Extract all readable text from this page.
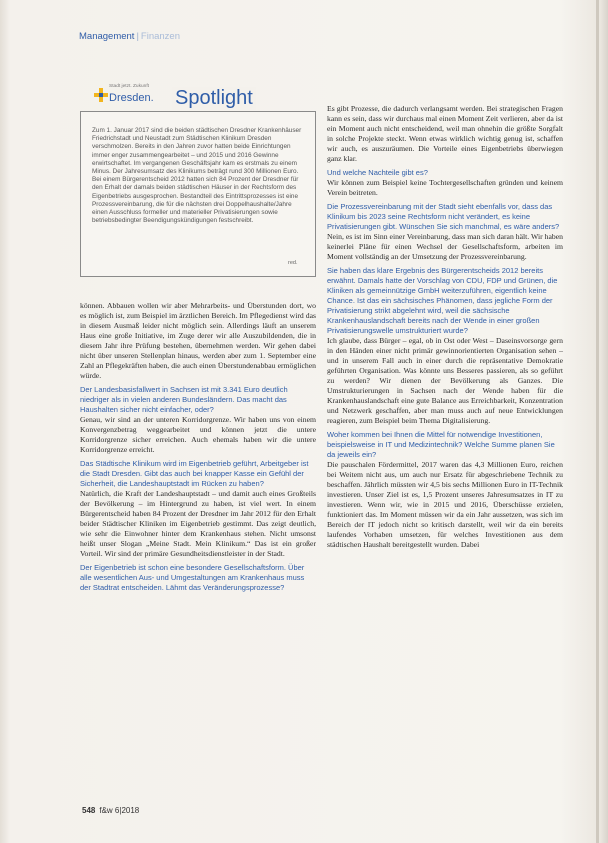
Management | Finanzen
Stadt jetzt. Zukunft
Dresden. Spotlight

Zum 1. Januar 2017 sind die beiden städtischen Dresdner Krankenhäuser Friedrichstadt und Neustadt zum Städtischen Klinikum Dresden verschmolzen. Bereits in den Jahren zuvor hatten beide Einrichtungen immer enger zusammengearbeitet – und 2015 und 2016 Gewinne erwirtschaftet. Im vergangenen Geschäftsjahr kam es erstmals zu einem Minus. Der Jahresumsatz des Klinikums beträgt rund 300 Millionen Euro. Bei einem Bürgerentscheid 2012 hatten sich 84 Prozent der Dresdner für den Erhalt der damals beiden städtischen Häuser in der Rechtsform des Eigenbetriebs ausgesprochen. Bestandteil des Eintrittsprozesses ist eine Prozessvereinbarung, die für die nächsten drei Doppelhaushalte/Jahre einen Ausschluss formeller und materieller Privatisierungen sowie betriebsbedingter Beendigungskündigungen festschreibt.

red.

können. Abbauen wollen wir aber Mehrarbeits- und Überstunden dort, wo es möglich ist, zum Beispiel im ärztlichen Bereich. Im Pflegedienst wird das in diesem Ausmaß leider nicht möglich sein. Allerdings läuft an unserem Haus eine große Initiative, im Zuge derer wir alle Auszubildenden, die in diesem Jahr ihre Prüfung bestehen, übernehmen werden. Wir gehen dabei nicht über unseren Stellenplan hinaus, werden aber zum 1. September eine Zahl an Pflegekräften haben, die auch einen Überstundenabbau ermöglichen würde.

Der Landesbasisfallwert in Sachsen ist mit 3.341 Euro deutlich niedriger als in vielen anderen Bundesländern. Das macht das Haushalten sicher nicht einfacher, oder?

Genau, wir sind an der unteren Korridorgrenze. Wir haben uns von einem Konvergenzbetrag weggearbeitet und können jetzt die untere Korridorgrenze sicher erreichen. Auch ehemals haben wir die untere Korridorgrenze erreicht.

Das Städtische Klinikum wird im Eigenbetrieb geführt, Arbeitgeber ist die Stadt Dresden. Gibt das auch bei knapper Kasse ein Gefühl der Sicherheit, die Landeshauptstadt im Rücken zu haben?

Natürlich, die Kraft der Landeshauptstadt – und damit auch eines Großteils der Bevölkerung – im Hintergrund zu haben, ist viel wert. In einem Bürgerentscheid haben 84 Prozent der Dresdner im Jahr 2012 für den Erhalt beider Städtischer Kliniken im Eigenbetrieb gestimmt. Das zeigt deutlich, wie sehr die Einwohner hinter dem Krankenhaus stehen. Nicht umsonst heißt unser Slogan „Meine Stadt. Mein Klinikum.“ Das ist ein großer Vorteil. Wir sind der primäre Gesundheitsdienstleister in der Stadt.

Der Eigenbetrieb ist schon eine besondere Gesellschaftsform. Über alle wesentlichen Aus- und Umgestaltungen am Krankenhaus muss der Stadtrat entscheiden. Lähmt das Veränderungsprozesse?

Es gibt Prozesse, die dadurch verlangsamt werden. Bei strategischen Fragen kann es sein, dass wir durchaus mal einen Moment Zeit verlieren, aber da ist ein Moment auch nicht entscheidend, weil man ohnehin die größte Sorgfalt in solche Projekte steckt. Wenn etwas wirklich wichtig genug ist, schaffen wir auch, es auszuräumen. Die Vorteile eines Eigenbetriebs überwiegen ganz klar.

Und welche Nachteile gibt es?

Wir können zum Beispiel keine Tochtergesellschaften gründen und keinem Verein beitreten.

Die Prozessvereinbarung mit der Stadt sieht ebenfalls vor, dass das Klinikum bis 2023 seine Rechtsform nicht verändert, es keine Privatisierungen gibt. Wünschen Sie sich manchmal, es wäre anders?

Nein, es ist im Sinn einer Vereinbarung, dass man sich daran hält. Wir haben keinerlei Pläne für einen Wechsel der Gesellschaftsform, arbeiten im Moment vollständig an der Umsetzung der Prozessvereinbarung.

Sie haben das klare Ergebnis des Bürgerentscheids 2012 bereits erwähnt. Damals hatte der Vorschlag von CDU, FDP und Grünen, die Kliniken als gemeinnützige GmbH weiterzuführen, eigentlich keine Chance. Ist das ein sächsisches Phänomen, dass jegliche Form der Privatisierung strikt abgelehnt wird, weil die sächsische Krankenhauslandschaft bereits nach der Wende in einer großen Privatisierungswelle umstrukturiert wurde?

Ich glaube, dass Bürger – egal, ob in Ost oder West – Daseinsvorsorge gern in den Händen einer nicht primär gewinnorientierten Organisation sehen – und in unserem Fall auch in einer durch die repräsentative Demokratie geführten Organisation. Was könnte uns Besseres passieren, als so geführt zu werden? Wir dienen der Bevölkerung als Ganzes. Die Umstrukturierungen in Sachsen nach der Wende haben für die Krankenhauslandschaft eine gute Balance aus Erreichbarkeit, Konzentration und Netzwerk geschaffen, aber man muss auch auf neue Entwicklungen reagieren, zum Beispiel beim Thema Digitalisierung.

Woher kommen bei Ihnen die Mittel für notwendige Investitionen, beispielsweise in IT und Medizintechnik? Welche Summe planen Sie da jeweils ein?

Die pauschalen Fördermittel, 2017 waren das 4,3 Millionen Euro, reichen bei Weitem nicht aus, um auch nur Ersatz für abgeschriebene Technik zu beschaffen. Jährlich müssten wir 4,5 bis sechs Millionen Euro in IT-Technik investieren. Unser Ziel ist es, 1,5 Prozent unseres Jahresumsatzes in IT zu investieren. Wenn wir, wie in 2015 und 2016, Überschüsse erzielen, funktioniert das. Im Moment müssen wir da ein Jahr aussetzen, was sich im Bereich der IT jedoch nicht so kritisch darstellt, weil wir da ein bereits laufendes Vorhaben umsetzen, für welches Investitionen aus dem städtischen Haushalt bereitgestellt wurden. Dabei

548 f&w 6|2018
